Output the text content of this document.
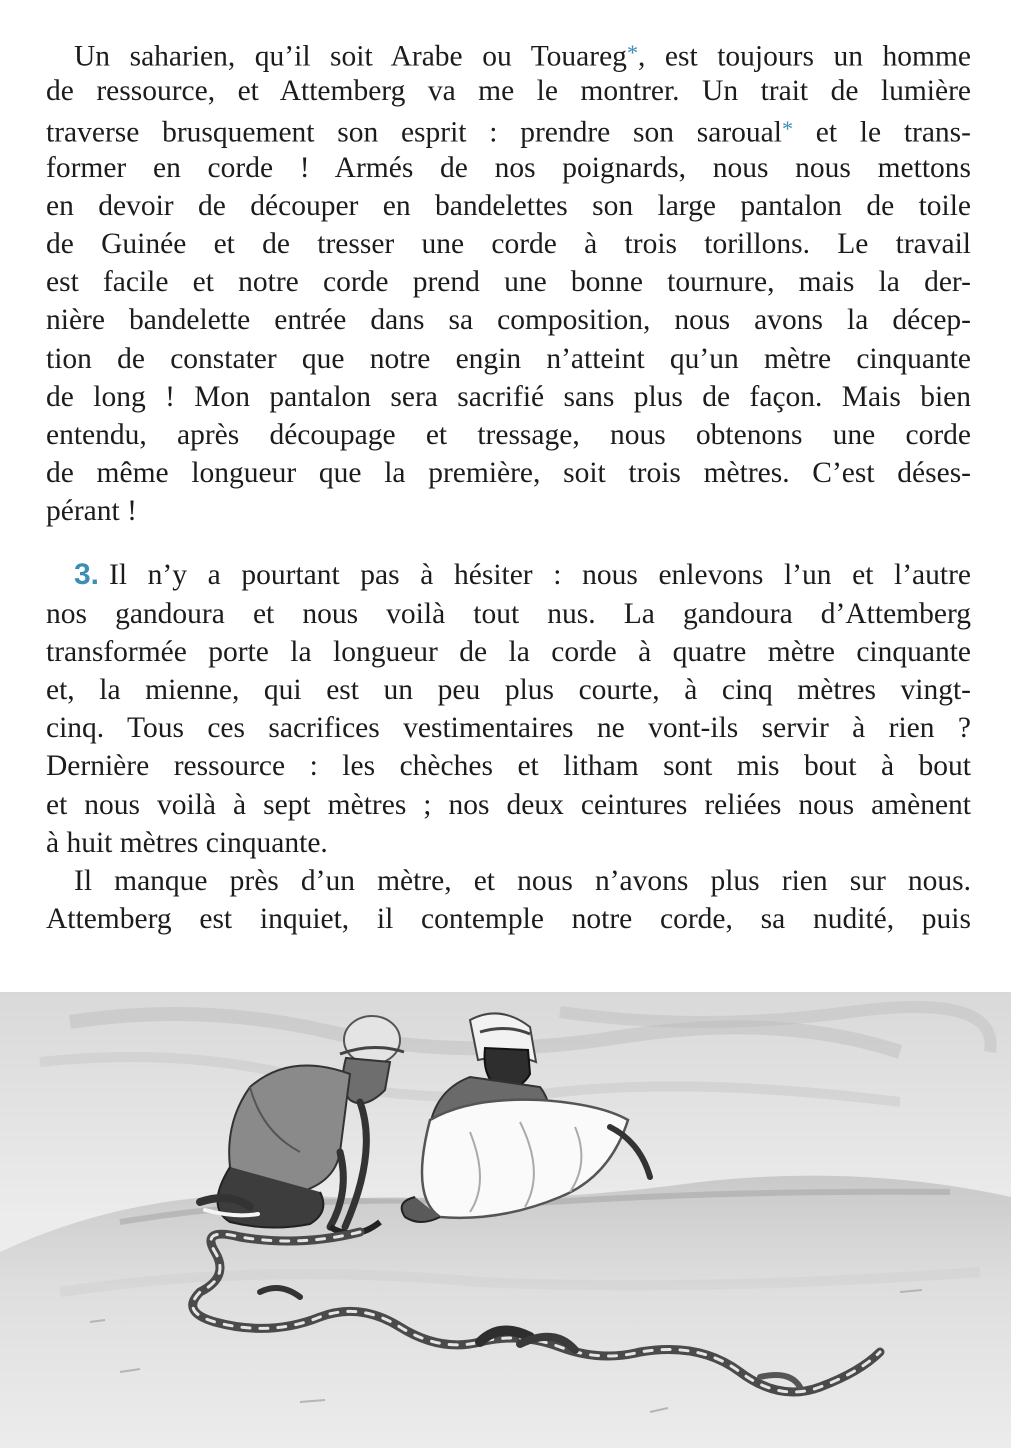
Un saharien, qu’il soit Arabe ou Touareg*, est toujours un homme
de ressource, et Attemberg va me le montrer. Un trait de lumière
traverse brusquement son esprit : prendre son saroual* et le trans-
former en corde ! Armés de nos poignards, nous nous mettons
en devoir de découper en bandelettes son large pantalon de toile
de Guinée et de tresser une corde à trois torillons. Le travail
est facile et notre corde prend une bonne tournure, mais la der-
nière bandelette entrée dans sa composition, nous avons la décep-
tion de constater que notre engin n’atteint qu’un mètre cinquante
de long ! Mon pantalon sera sacrifié sans plus de façon. Mais bien
entendu, après découpage et tressage, nous obtenons une corde
de même longueur que la première, soit trois mètres. C’est déses-
pérant !
3. Il n’y a pourtant pas à hésiter : nous enlevons l’un et l’autre
nos gandoura et nous voilà tout nus. La gandoura d’Attemberg
transformée porte la longueur de la corde à quatre mètre cinquante
et, la mienne, qui est un peu plus courte, à cinq mètres vingt-
cinq. Tous ces sacrifices vestimentaires ne vont-ils servir à rien ?
Dernière ressource : les chèches et litham sont mis bout à bout
et nous voilà à sept mètres ; nos deux ceintures reliées nous amènent
à huit mètres cinquante.
Il manque près d’un mètre, et nous n’avons plus rien sur nous.
Attemberg est inquiet, il contemple notre corde, sa nudité, puis
